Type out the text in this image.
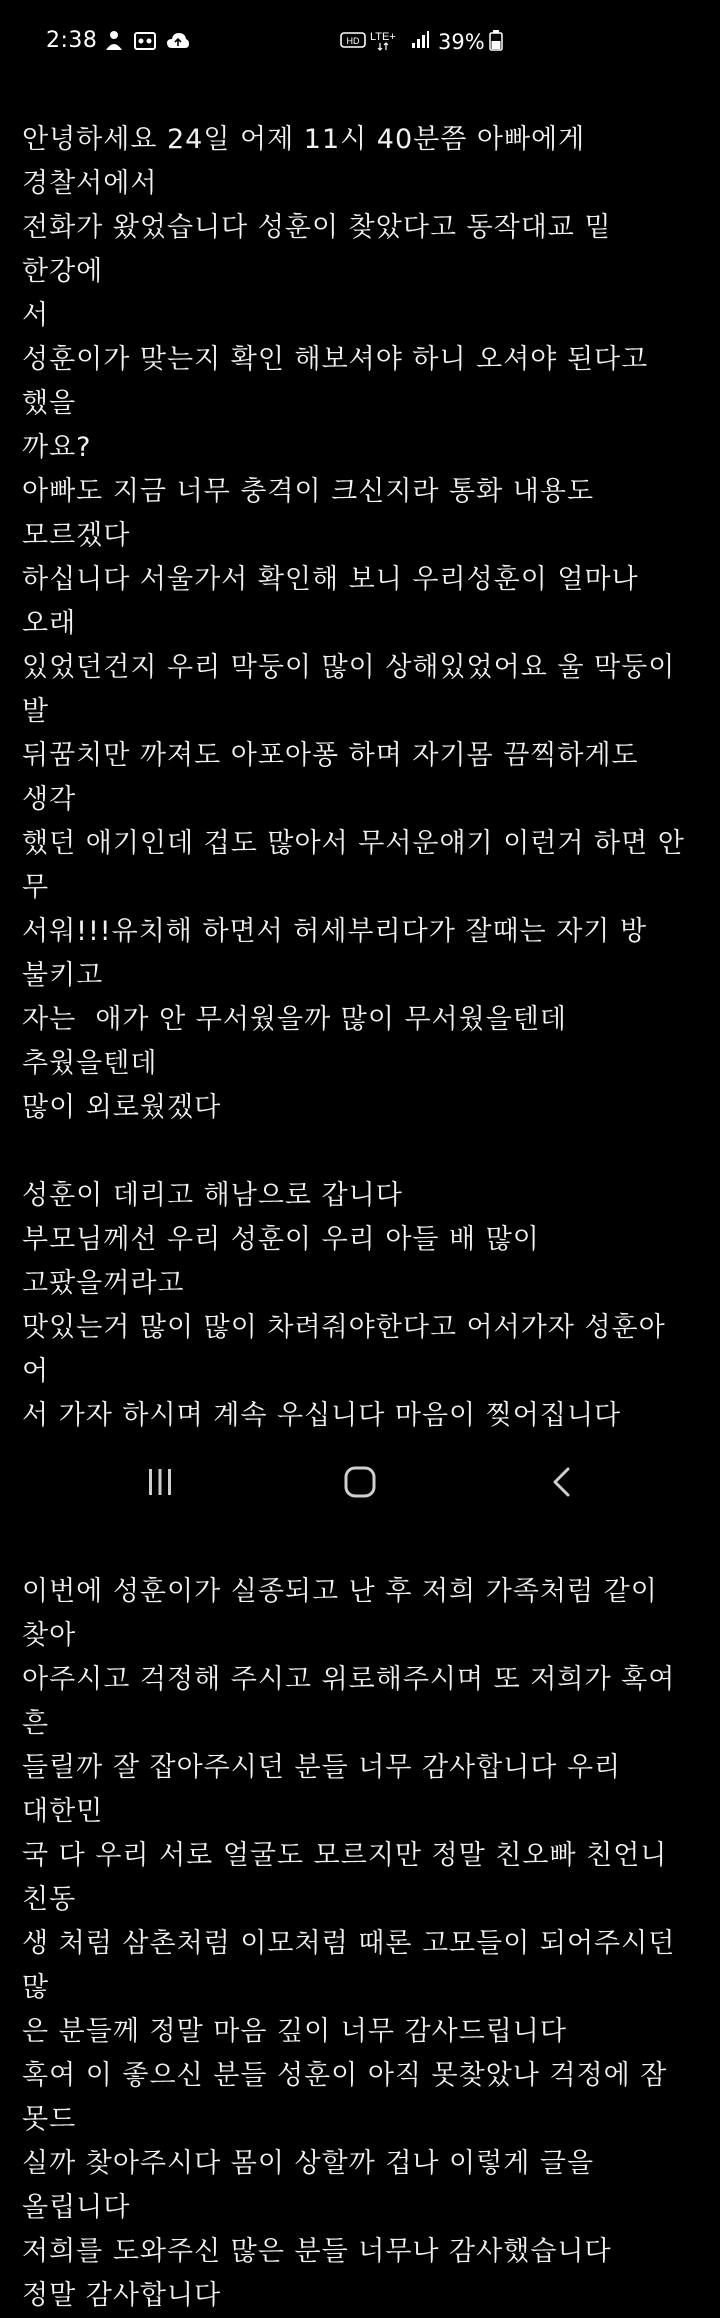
2:38	HD LTE+ 39%
안녕하세요 24일 어제 11시 40분쯤 아빠에게 경찰서에서
전화가 왔었습니다 성훈이 찾았다고 동작대교 밑 한강에
서
성훈이가 맞는지 확인 해보셔야 하니 오셔야 된다고 했을
까요?
아빠도 지금 너무 충격이 크신지라 통화 내용도 모르겠다
하십니다 서울가서 확인해 보니 우리성훈이 얼마나 오래
있었던건지 우리 막둥이 많이 상해있었어요 울 막둥이 발
뒤꿈치만 까져도 아포아퐁 하며 자기몸 끔찍하게도 생각
했던 애기인데 겁도 많아서 무서운얘기 이런거 하면 안 무
서워!!!유치해 하면서 허세부리다가 잘때는 자기 방 불키고
자는  애가 안 무서웠을까 많이 무서웠을텐데 추웠을텐데
많이 외로웠겠다
성훈이 데리고 해남으로 갑니다
부모님께선 우리 성훈이 우리 아들 배 많이 고팠을꺼라고
맛있는거 많이 많이 차려줘야한다고 어서가자 성훈아 어
서 가자 하시며 계속 우십니다 마음이 찢어집니다
이번에 성훈이가 실종되고 난 후 저희 가족처럼 같이 찾아
아주시고 걱정해 주시고 위로해주시며 또 저희가 혹여 흔
들릴까 잘 잡아주시던 분들 너무 감사합니다 우리 대한민
국 다 우리 서로 얼굴도 모르지만 정말 친오빠 친언니 친동
생 처럼 삼촌처럼 이모처럼 때론 고모들이 되어주시던 많
은 분들께 정말 마음 깊이 너무 감사드립니다
혹여 이 좋으신 분들 성훈이 아직 못찾았나 걱정에 잠 못드
실까 찾아주시다 몸이 상할까 겁나 이렇게 글을 올립니다
저희를 도와주신 많은 분들 너무나 감사했습니다
정말 감사합니다
